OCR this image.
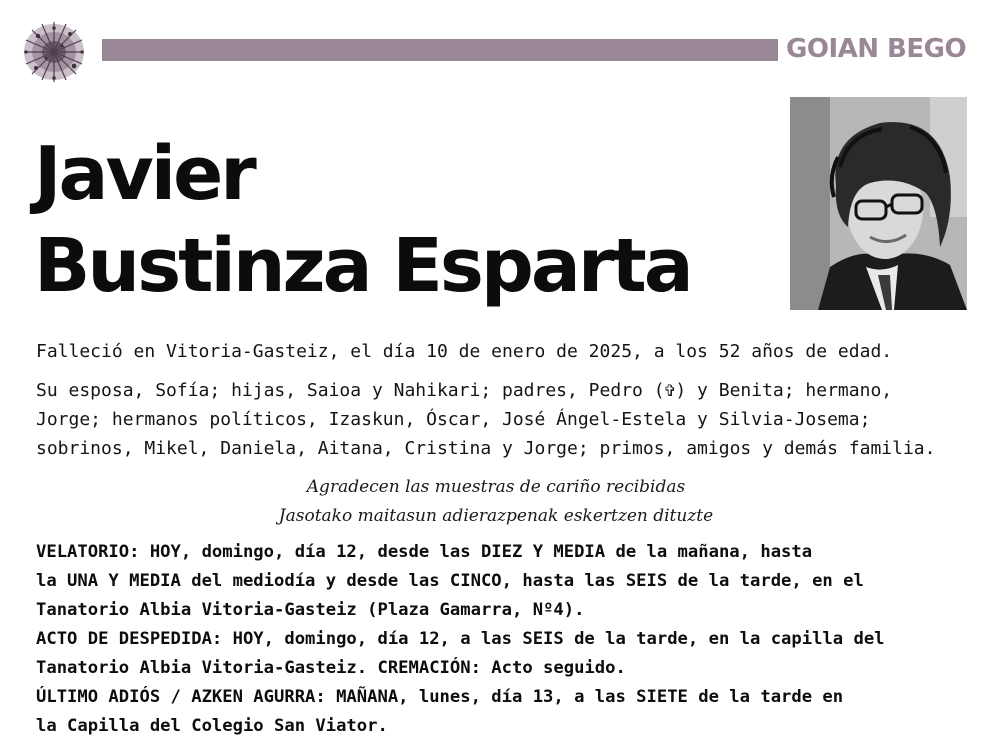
GOIAN BEGO
Javier
Bustinza Esparta

Falleció en Vitoria-Gasteiz, el día 10 de enero de 2025, a los 52 años de edad.

Su esposa, Sofía; hijas, Saioa y Nahikari; padres, Pedro (✞) y Benita; hermano, Jorge; hermanos políticos, Izaskun, Óscar, José Ángel-Estela y Silvia-Josema; sobrinos, Mikel, Daniela, Aitana, Cristina y Jorge; primos, amigos y demás familia.

Agradecen las muestras de cariño recibidas
Jasotako maitasun adierazpenak eskertzen dituzte

VELATORIO: HOY, domingo, día 12, desde las DIEZ Y MEDIA de la mañana, hasta
la UNA Y MEDIA del mediodía y desde las CINCO, hasta las SEIS de la tarde, en el
Tanatorio Albia Vitoria-Gasteiz (Plaza Gamarra, Nº4).
ACTO DE DESPEDIDA: HOY, domingo, día 12, a las SEIS de la tarde, en la capilla del
Tanatorio Albia Vitoria-Gasteiz. CREMACIÓN: Acto seguido.
ÚLTIMO ADIÓS / AZKEN AGURRA: MAÑANA, lunes, día 13, a las SIETE de la tarde en
la Capilla del Colegio San Viator.
